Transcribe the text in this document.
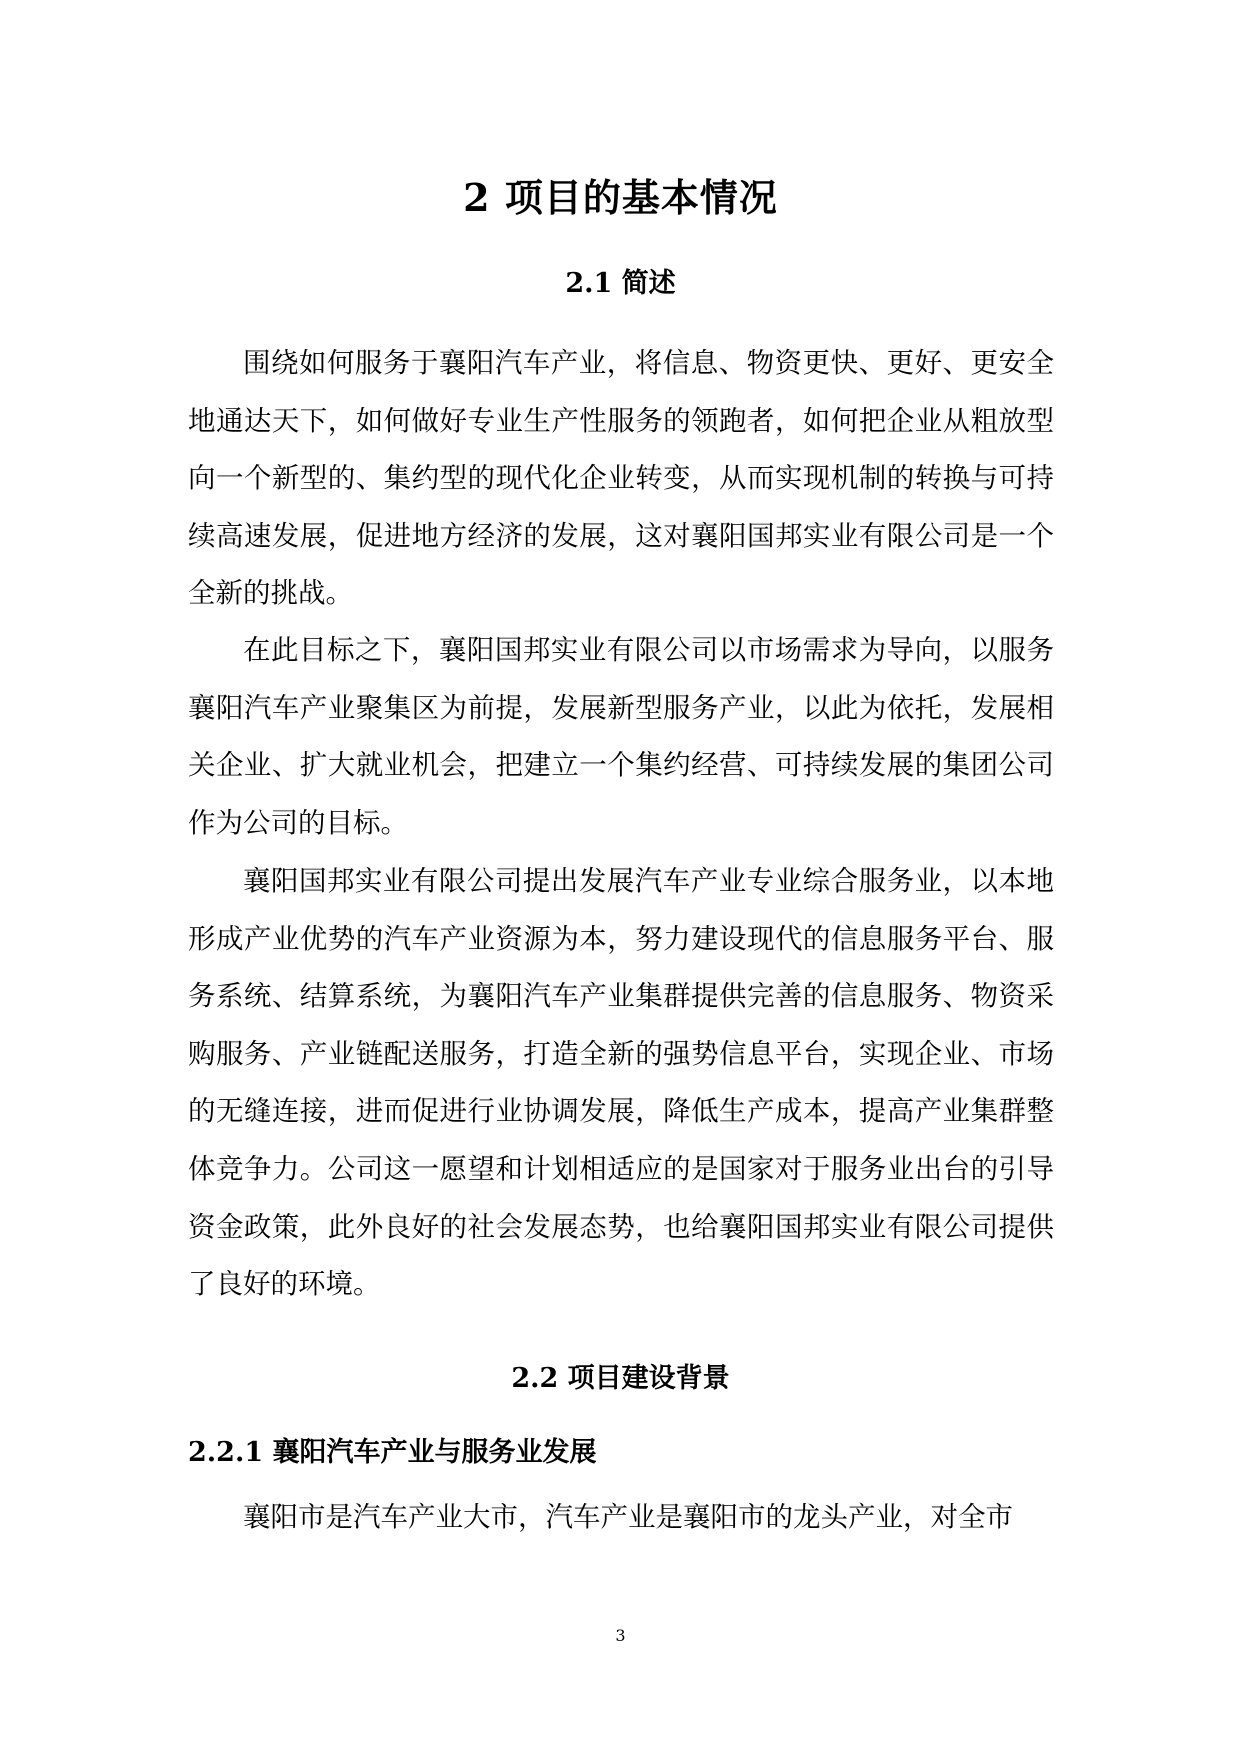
2 项目的基本情况
2.1 简述

围绕如何服务于襄阳汽车产业，将信息、物资更快、更好、更安全地通达天下，如何做好专业生产性服务的领跑者，如何把企业从粗放型向一个新型的、集约型的现代化企业转变，从而实现机制的转换与可持续高速发展，促进地方经济的发展，这对襄阳国邦实业有限公司是一个全新的挑战。

在此目标之下，襄阳国邦实业有限公司以市场需求为导向，以服务襄阳汽车产业聚集区为前提，发展新型服务产业，以此为依托，发展相关企业、扩大就业机会，把建立一个集约经营、可持续发展的集团公司作为公司的目标。

襄阳国邦实业有限公司提出发展汽车产业专业综合服务业，以本地形成产业优势的汽车产业资源为本，努力建设现代的信息服务平台、服务系统、结算系统，为襄阳汽车产业集群提供完善的信息服务、物资采购服务、产业链配送服务，打造全新的强势信息平台，实现企业、市场的无缝连接，进而促进行业协调发展，降低生产成本，提高产业集群整体竞争力。公司这一愿望和计划相适应的是国家对于服务业出台的引导资金政策，此外良好的社会发展态势，也给襄阳国邦实业有限公司提供了良好的环境。

2.2 项目建设背景
2.2.1 襄阳汽车产业与服务业发展

襄阳市是汽车产业大市，汽车产业是襄阳市的龙头产业，对全市

3
